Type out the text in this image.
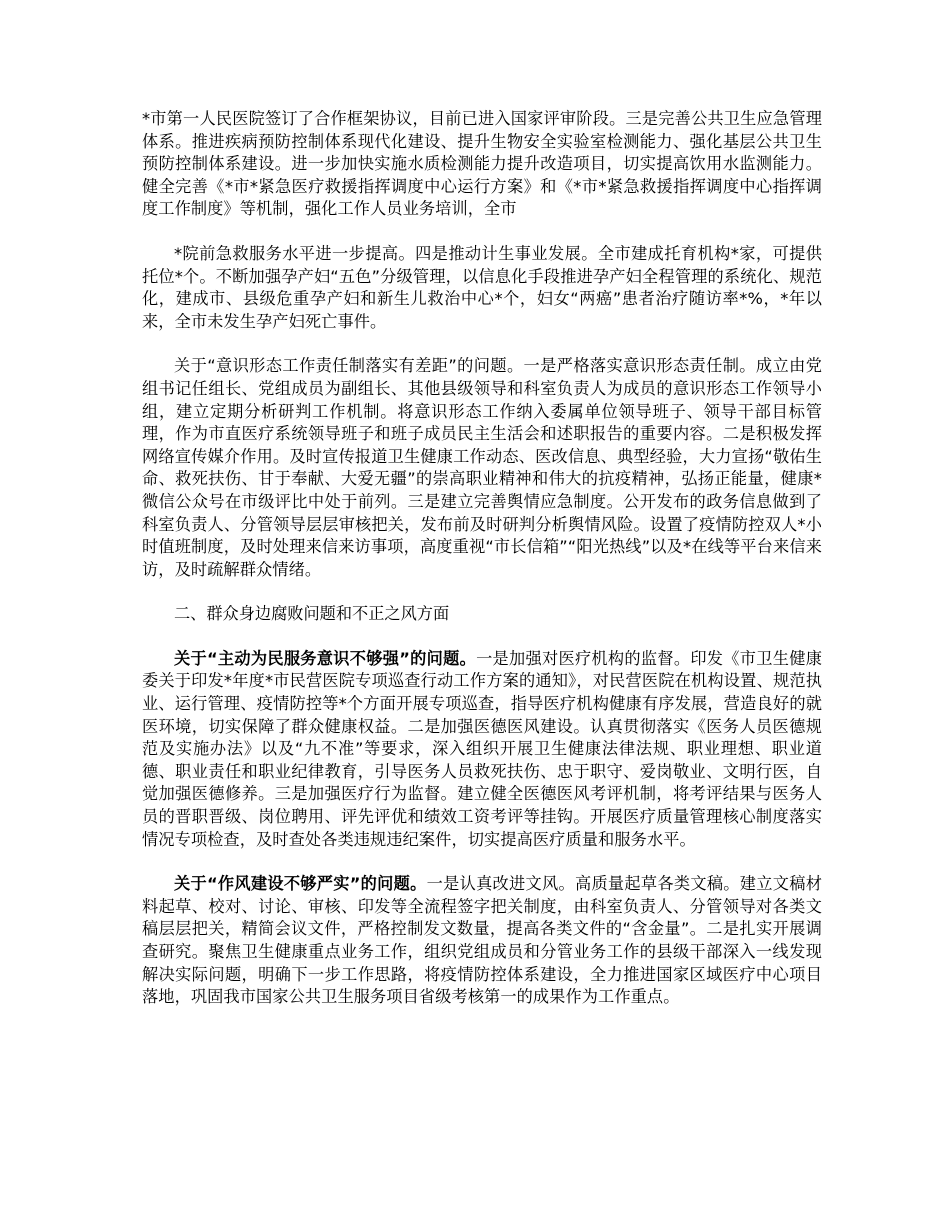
*市第一人民医院签订了合作框架协议，目前已进入国家评审阶段。三是完善公共卫生应急管理体系。推进疾病预防控制体系现代化建设、提升生物安全实验室检测能力、强化基层公共卫生预防控制体系建设。进一步加快实施水质检测能力提升改造项目，切实提高饮用水监测能力。健全完善《*市*紧急医疗救援指挥调度中心运行方案》和《*市*紧急救援指挥调度中心指挥调度工作制度》等机制，强化工作人员业务培训，全市

*院前急救服务水平进一步提高。四是推动计生事业发展。全市建成托育机构*家，可提供托位*个。不断加强孕产妇“五色”分级管理，以信息化手段推进孕产妇全程管理的系统化、规范化，建成市、县级危重孕产妇和新生儿救治中心*个，妇女“两癌”患者治疗随访率*%，*年以来，全市未发生孕产妇死亡事件。

关于“意识形态工作责任制落实有差距”的问题。一是严格落实意识形态责任制。成立由党组书记任组长、党组成员为副组长、其他县级领导和科室负责人为成员的意识形态工作领导小组，建立定期分析研判工作机制。将意识形态工作纳入委属单位领导班子、领导干部目标管理，作为市直医疗系统领导班子和班子成员民主生活会和述职报告的重要内容。二是积极发挥网络宣传媒介作用。及时宣传报道卫生健康工作动态、医改信息、典型经验，大力宣扬“敬佑生命、救死扶伤、甘于奉献、大爱无疆”的崇高职业精神和伟大的抗疫精神，弘扬正能量，健康*微信公众号在市级评比中处于前列。三是建立完善舆情应急制度。公开发布的政务信息做到了科室负责人、分管领导层层审核把关，发布前及时研判分析舆情风险。设置了疫情防控双人*小时值班制度，及时处理来信来访事项，高度重视“市长信箱”“阳光热线”以及*在线等平台来信来访，及时疏解群众情绪。

二、群众身边腐败问题和不正之风方面

关于“主动为民服务意识不够强”的问题。一是加强对医疗机构的监督。印发《市卫生健康委关于印发*年度*市民营医院专项巡查行动工作方案的通知》，对民营医院在机构设置、规范执业、运行管理、疫情防控等*个方面开展专项巡查，指导医疗机构健康有序发展，营造良好的就医环境，切实保障了群众健康权益。二是加强医德医风建设。认真贯彻落实《医务人员医德规范及实施办法》以及“九不准”等要求，深入组织开展卫生健康法律法规、职业理想、职业道德、职业责任和职业纪律教育，引导医务人员救死扶伤、忠于职守、爱岗敬业、文明行医，自觉加强医德修养。三是加强医疗行为监督。建立健全医德医风考评机制，将考评结果与医务人员的晋职晋级、岗位聘用、评先评优和绩效工资考评等挂钩。开展医疗质量管理核心制度落实情况专项检查，及时查处各类违规违纪案件，切实提高医疗质量和服务水平。

关于“作风建设不够严实”的问题。一是认真改进文风。高质量起草各类文稿。建立文稿材料起草、校对、讨论、审核、印发等全流程签字把关制度，由科室负责人、分管领导对各类文稿层层把关，精简会议文件，严格控制发文数量，提高各类文件的“含金量”。二是扎实开展调查研究。聚焦卫生健康重点业务工作，组织党组成员和分管业务工作的县级干部深入一线发现解决实际问题，明确下一步工作思路，将疫情防控体系建设，全力推进国家区域医疗中心项目落地，巩固我市国家公共卫生服务项目省级考核第一的成果作为工作重点。
